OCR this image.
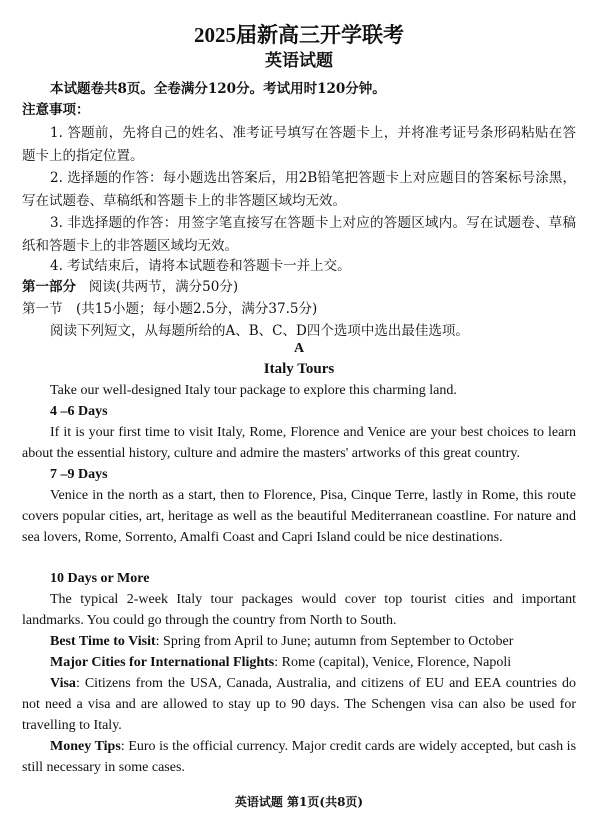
2025届新高三开学联考
英语试题
本试题卷共8页。全卷满分120分。考试用时120分钟。
注意事项：
1. 答题前，先将自己的姓名、准考证号填写在答题卡上，并将准考证号条形码粘贴在答题卡上的指定位置。
2. 选择题的作答：每小题选出答案后，用2B铅笔把答题卡上对应题目的答案标号涂黑，写在试题卷、草稿纸和答题卡上的非答题区域均无效。
3. 非选择题的作答：用签字笔直接写在答题卡上对应的答题区域内。写在试题卷、草稿纸和答题卡上的非答题区域均无效。
4. 考试结束后，请将本试题卷和答题卡一并上交。
第一部分 阅读(共两节，满分50分)
第一节　(共15小题；每小题2.5分，满分37.5分)
阅读下列短文，从每题所给的A、B、C、D四个选项中选出最佳选项。
A
Italy Tours
Take our well-designed Italy tour package to explore this charming land.
4 –6 Days
If it is your first time to visit Italy, Rome, Florence and Venice are your best choices to learn about the essential history, culture and admire the masters' artworks of this great country.
7 –9 Days
Venice in the north as a start, then to Florence, Pisa, Cinque Terre, lastly in Rome, this route covers popular cities, art, heritage as well as the beautiful Mediterranean coastline. For nature and sea lovers, Rome, Sorrento, Amalfi Coast and Capri Island could be nice destinations.
10 Days or More
The typical 2-week Italy tour packages would cover top tourist cities and important landmarks. You could go through the country from North to South.
Best Time to Visit: Spring from April to June; autumn from September to October
Major Cities for International Flights: Rome (capital), Venice, Florence, Napoli
Visa: Citizens from the USA, Canada, Australia, and citizens of EU and EEA countries do not need a visa and are allowed to stay up to 90 days. The Schengen visa can also be used for travelling to Italy.
Money Tips: Euro is the official currency. Major credit cards are widely accepted, but cash is still necessary in some cases.
英语试题 第1页(共8页)
